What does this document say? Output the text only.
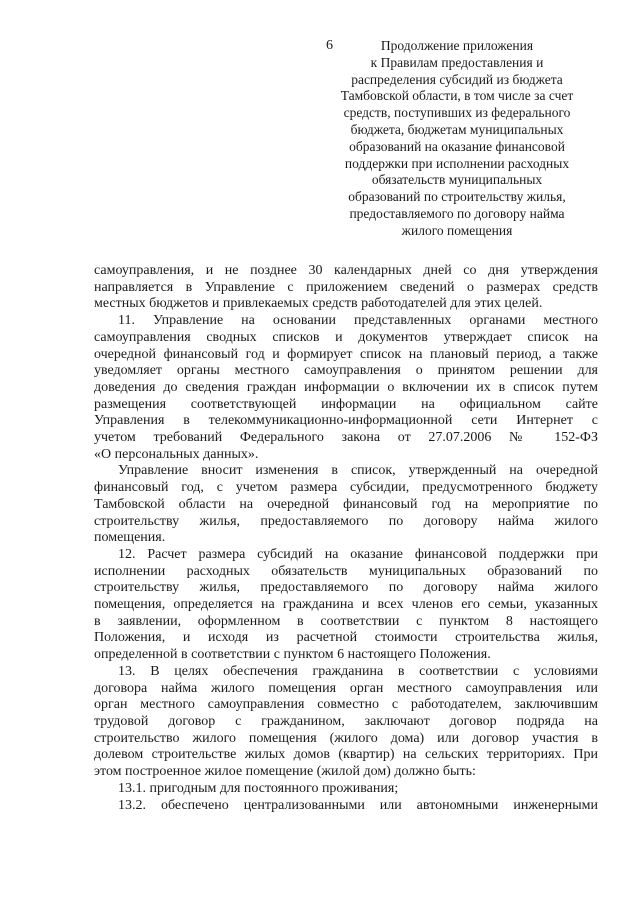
6	Продолжение приложения
к Правилам предоставления и
распределения субсидий из бюджета
Тамбовской области, в том числе за счет
средств, поступивших из федерального
бюджета, бюджетам муниципальных
образований на оказание финансовой
поддержки при исполнении расходных
обязательств муниципальных
образований по строительству жилья,
предоставляемого по договору найма
жилого помещения
самоуправления, и не позднее 30 календарных дней со дня утверждения
направляется в Управление с приложением сведений о размерах средств
местных бюджетов и привлекаемых средств работодателей для этих целей.
11. Управление на основании представленных органами местного
самоуправления сводных списков и документов утверждает список на
очередной финансовый год и формирует список на плановый период, а также
уведомляет органы местного самоуправления о принятом решении для
доведения до сведения граждан информации о включении их в список путем
размещения соответствующей информации на официальном сайте
Управления в телекоммуникационно-информационной сети Интернет с
учетом требований Федерального закона от 27.07.2006 № 152-ФЗ
«О персональных данных».
Управление вносит изменения в список, утвержденный на очередной
финансовый год, с учетом размера субсидии, предусмотренного бюджету
Тамбовской области на очередной финансовый год на мероприятие по
строительству жилья, предоставляемого по договору найма жилого
помещения.
12. Расчет размера субсидий на оказание финансовой поддержки при
исполнении расходных обязательств муниципальных образований по
строительству жилья, предоставляемого по договору найма жилого
помещения, определяется на гражданина и всех членов его семьи, указанных
в заявлении, оформленном в соответствии с пунктом 8 настоящего
Положения, и исходя из расчетной стоимости строительства жилья,
определенной в соответствии с пунктом 6 настоящего Положения.
13. В целях обеспечения гражданина в соответствии с условиями
договора найма жилого помещения орган местного самоуправления или
орган местного самоуправления совместно с работодателем, заключившим
трудовой договор с гражданином, заключают договор подряда на
строительство жилого помещения (жилого дома) или договор участия в
долевом строительстве жилых домов (квартир) на сельских территориях. При
этом построенное жилое помещение (жилой дом) должно быть:
13.1. пригодным для постоянного проживания;
13.2. обеспечено централизованными или автономными инженерными
